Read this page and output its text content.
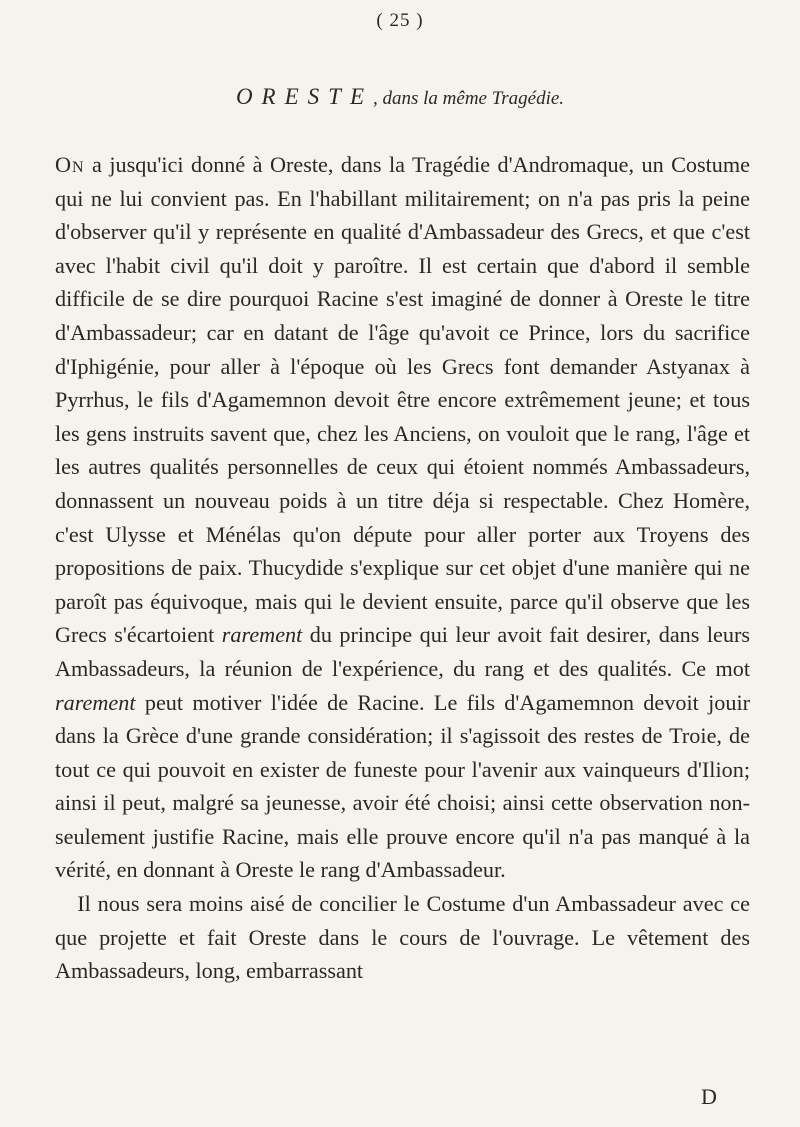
( 25 )
ORESTE, dans la même Tragédie.

On a jusqu'ici donné à Oreste, dans la Tragédie d'Andromaque, un Costume qui ne lui convient pas. En l'habillant militairement; on n'a pas pris la peine d'observer qu'il y représente en qualité d'Ambassadeur des Grecs, et que c'est avec l'habit civil qu'il doit y paroître. Il est certain que d'abord il semble difficile de se dire pourquoi Racine s'est imaginé de donner à Oreste le titre d'Ambassadeur; car en datant de l'âge qu'avoit ce Prince, lors du sacrifice d'Iphigénie, pour aller à l'époque où les Grecs font demander Astyanax à Pyrrhus, le fils d'Agamemnon devoit être encore extrêmement jeune; et tous les gens instruits savent que, chez les Anciens, on vouloit que le rang, l'âge et les autres qualités personnelles de ceux qui étoient nommés Ambassadeurs, donnassent un nouveau poids à un titre déja si respectable. Chez Homère, c'est Ulysse et Ménélas qu'on députe pour aller porter aux Troyens des propositions de paix. Thucydide s'explique sur cet objet d'une manière qui ne paroît pas équivoque, mais qui le devient ensuite, parce qu'il observe que les Grecs s'écartoient rarement du principe qui leur avoit fait desirer, dans leurs Ambassadeurs, la réunion de l'expérience, du rang et des qualités. Ce mot rarement peut motiver l'idée de Racine. Le fils d'Agamemnon devoit jouir dans la Grèce d'une grande considération; il s'agissoit des restes de Troie, de tout ce qui pouvoit en exister de funeste pour l'avenir aux vainqueurs d'Ilion; ainsi il peut, malgré sa jeunesse, avoir été choisi; ainsi cette observation non-seulement justifie Racine, mais elle prouve encore qu'il n'a pas manqué à la vérité, en donnant à Oreste le rang d'Ambassadeur.

Il nous sera moins aisé de concilier le Costume d'un Ambassadeur avec ce que projette et fait Oreste dans le cours de l'ouvrage. Le vêtement des Ambassadeurs, long, embarrassant

D
